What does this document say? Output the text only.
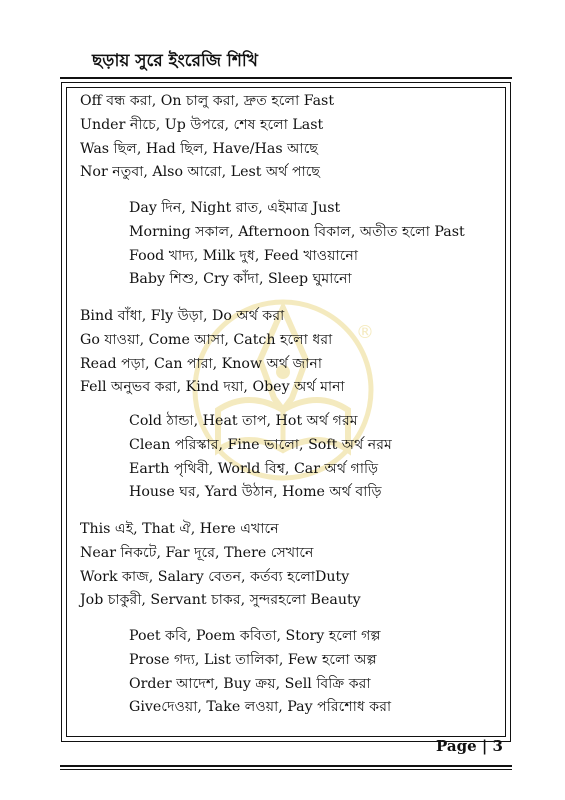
ছড়ায় সুরে ইংরেজি শিখি
®
Off বন্ধ করা, On চালু করা, দ্রুত হলো Fast
Under নীচে, Up উপরে, শেষ হলো Last
Was ছিল, Had ছিল, Have/Has আছে
Nor নতুবা, Also আরো, Lest অর্থ পাছে
Day দিন, Night রাত, এইমাত্র Just
Morning সকাল, Afternoon বিকাল, অতীত হলো Past
Food খাদ্য, Milk দুধ, Feed খাওয়ানো
Baby শিশু, Cry কাঁদা, Sleep ঘুমানো
Bind বাঁধা, Fly উড়া, Do অর্থ করা
Go যাওয়া, Come আসা, Catch হলো ধরা
Read পড়া, Can পারা, Know অর্থ জানা
Fell অনুভব করা, Kind দয়া, Obey অর্থ মানা
Cold ঠান্ডা, Heat তাপ, Hot অর্থ গরম
Clean পরিস্কার, Fine ভালো, Soft অর্থ নরম
Earth পৃথিবী, World বিশ্ব, Car অর্থ গাড়ি
House ঘর, Yard উঠান, Home অর্থ বাড়ি
This এই, That ঐ, Here এখানে
Near নিকটে, Far দূরে, There সেখানে
Work কাজ, Salary বেতন, কর্তব্য হলোDuty
Job চাকুরী, Servant চাকর, সুন্দরহলো Beauty
Poet কবি, Poem কবিতা, Story হলো গল্প
Prose গদ্য, List তালিকা, Few হলো অল্প
Order আদেশ, Buy ক্রয়, Sell বিক্রি করা
Giveদেওয়া, Take লওয়া, Pay পরিশোধ করা
Page | 3
